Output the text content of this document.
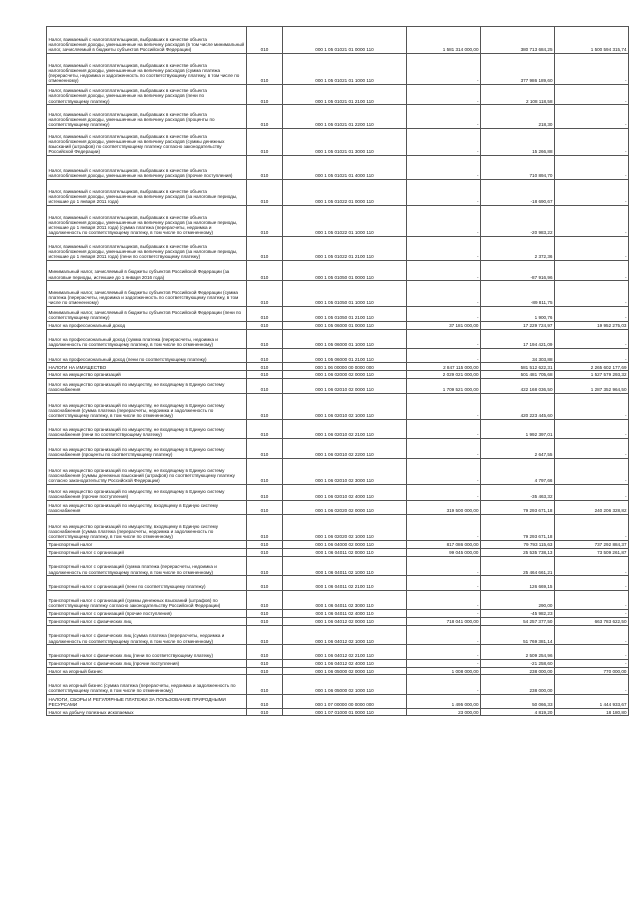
Налог, взимаемый с налогоплательщиков, выбравших в качестве объекта налогообложения доходы, уменьшенные на величину расходов (в том числе минимальный налог, зачисляемый в бюджеты субъектов Российской Федерации)	010	000 1 05 01021 01 0000 110	1 581 314 000,00	380 713 684,25	1 500 594 315,74
Налог, взимаемый с налогоплательщиков, выбравших в качестве объекта налогообложения доходы, уменьшенные на величину расходов (сумма платежа (перерасчеты, недоимка и задолженность по соответствующему платежу, в том числе по отмененному)	010	000 1 05 01021 01 1000 110	-	377 986 189,60	-
Налог, взимаемый с налогоплательщиков, выбравших в качестве объекта налогообложения доходы, уменьшенные на величину расходов (пени по соответствующему платежу)	010	000 1 05 01021 01 2100 110	-	2 108 118,58	-
Налог, взимаемый с налогоплательщиков, выбравших в качестве объекта налогообложения доходы, уменьшенные на величину расходов (проценты по соответствующему платежу)	010	000 1 05 01021 01 2200 110	-	218,30	-
Налог, взимаемый с налогоплательщиков, выбравших в качестве объекта налогообложения доходы, уменьшенные на величину расходов (суммы денежных взысканий (штрафов) по соответствующему платежу согласно законодательству Российской Федерации)	010	000 1 05 01021 01 3000 110	-	15 266,88	-
Налог, взимаемый с налогоплательщиков, выбравших в качестве объекта налогообложения доходы, уменьшенные на величину расходов (прочие поступления)	010	000 1 05 01021 01 4000 110	-	710 894,70	-
Налог, взимаемый с налогоплательщиков, выбравших в качестве объекта налогообложения доходы, уменьшенные на величину расходов (за налоговые периоды, истекшие до 1 января 2011 года)	010	000 1 05 01022 01 0000 110	-	-18 690,67	-
Налог, взимаемый с налогоплательщиков, выбравших в качестве объекта налогообложения доходы, уменьшенные на величину расходов (за налоговые периоды, истекшие до 1 января 2011 года) (сумма платежа (перерасчеты, недоимка и задолженность по соответствующему платежу, в том числе по отмененному)	010	000 1 05 01022 01 1000 110	-	-20 983,22	-
Налог, взимаемый с налогоплательщиков, выбравших в качестве объекта налогообложения доходы, уменьшенные на величину расходов (за налоговые периоды, истекшие до 1 января 2011 года) (пени по соответствующему платежу)	010	000 1 05 01022 01 2100 110	-	2 372,36	-
Минимальный налог, зачисляемый в бюджеты субъектов Российской Федерации (за налоговые периоды, истекшие до 1 января 2016 года)	010	000 1 05 01050 01 0000 110	-	-87 916,96	-
Минимальный налог, зачисляемый в бюджеты субъектов Российской Федерации (сумма платежа (перерасчеты, недоимка и задолженность по соответствующему платежу, в том числе по отмененному)	010	000 1 05 01050 01 1000 110	-	-89 811,75	-
Минимальный налог, зачисляемый в бюджеты субъектов Российской Федерации (пени по соответствующему платежу)	010	000 1 05 01050 01 2100 110	-	1 900,76	-
Налог на профессиональный доход	010	000 1 05 06000 01 0000 110	37 181 000,00	17 229 724,97	19 952 275,03
Налог на профессиональный доход (сумма платежа (перерасчеты, недоимка и задолженность по соответствующему платежу, в том числе по отмененному)	010	000 1 05 06000 01 1000 110	-	17 194 421,09	-
Налог на профессиональный доход (пени по соответствующему платежу)	010	000 1 05 06000 01 2100 110	-	34 303,88	-
НАЛОГИ НА ИМУЩЕСТВО	010	000 1 06 00000 00 0000 000	2 847 115 000,00	581 512 622,31	2 265 602 177,69
Налог на имущество организаций	010	000 1 06 02000 02 0000 110	2 029 021 000,00	501 481 705,68	1 527 579 293,32
Налог на имущество организаций по имуществу, не входящему в Единую систему газоснабжения	010	000 1 06 02010 02 0000 110	1 709 521 000,00	422 168 036,50	1 287 352 964,50
Налог на имущество организаций по имуществу, не входящему в Единую систему газоснабжения (сумма платежа (перерасчеты, недоимка и задолженность по соответствующему платежу, в том числе по отмененному)	010	000 1 06 02010 02 1000 110	-	420 223 445,60	-
Налог на имущество организаций по имуществу, не входящему в Единую систему газоснабжения (пени по соответствующему платежу)	010	000 1 06 02010 02 2100 110	-	1 992 397,01	-
Налог на имущество организаций по имуществу, не входящему в Единую систему газоснабжения (проценты по соответствующему платежу)	010	000 1 06 02010 02 2200 110	-	2 647,55	-
Налог на имущество организаций по имуществу, не входящему в Единую систему газоснабжения (суммы денежных взысканий (штрафов) по соответствующему платежу согласно законодательству Российской Федерации)	010	000 1 06 02010 02 3000 110	-	4 797,66	-
Налог на имущество организаций по имуществу, не входящему в Единую систему газоснабжения (прочие поступления)	010	000 1 06 02010 02 4000 110	-	-35 463,32	-
Налог на имущество организаций по имуществу, входящему в Единую систему газоснабжения	010	000 1 06 02020 02 0000 110	319 500 000,00	79 293 671,18	240 206 328,82
Налог на имущество организаций по имуществу, входящему в Единую систему газоснабжения (сумма платежа (перерасчеты, недоимка и задолженность по соответствующему платежу, в том числе по отмененному)	010	000 1 06 02020 02 1000 110	-	79 293 671,18	-
Транспортный налог	010	000 1 06 04000 02 0000 110	817 086 000,00	79 793 115,63	737 292 884,37
Транспортный налог с организаций	010	000 1 06 04011 02 0000 110	99 045 000,00	25 535 738,13	73 509 261,87
Транспортный налог с организаций (сумма платежа (перерасчеты, недоимка и задолженность по соответствующему платежу, в том числе по отмененному)	010	000 1 06 04011 02 1000 110	-	25 464 661,21	-
Транспортный налог с организаций (пени по соответствующему платежу)	010	000 1 06 04011 02 2100 110	-	126 669,15	-
Транспортный налог с организаций (суммы денежных взысканий (штрафов) по соответствующему платежу согласно законодательству Российской Федерации)	010	000 1 06 04011 02 3000 110	-	290,00	-
Транспортный налог с организаций (прочие поступления)	010	000 1 06 04011 02 4000 110	-	-45 982,23	-
Транспортный налог с физических лиц	010	000 1 06 04012 02 0000 110	718 041 000,00	54 257 377,50	663 783 622,50
Транспортный налог с физических лиц (сумма платежа (перерасчеты, недоимка и задолженность по соответствующему платежу, в том числе по отмененному)	010	000 1 06 04012 02 1000 110	-	51 769 381,14	-
Транспортный налог с физических лиц (пени по соответствующему платежу)	010	000 1 06 04012 02 2100 110	-	2 509 254,96	-
Транспортный налог с физических лиц (прочие поступления)	010	000 1 06 04012 02 4000 110	-	-21 258,60	-
Налог на игорный бизнес	010	000 1 06 05000 02 0000 110	1 008 000,00	238 000,00	770 000,00
Налог на игорный бизнес (сумма платежа (перерасчеты, недоимка и задолженность по соответствующему платежу, в том числе по отмененному)	010	000 1 06 05000 02 1000 110	-	238 000,00	-
НАЛОГИ, СБОРЫ И РЕГУЛЯРНЫЕ ПЛАТЕЖИ ЗА ПОЛЬЗОВАНИЕ ПРИРОДНЫМИ РЕСУРСАМИ	010	000 1 07 00000 00 0000 000	1 495 000,00	50 066,33	1 444 933,67
Налог на добычу полезных ископаемых	010	000 1 07 01000 01 0000 110	23 000,00	4 819,20	18 180,80
